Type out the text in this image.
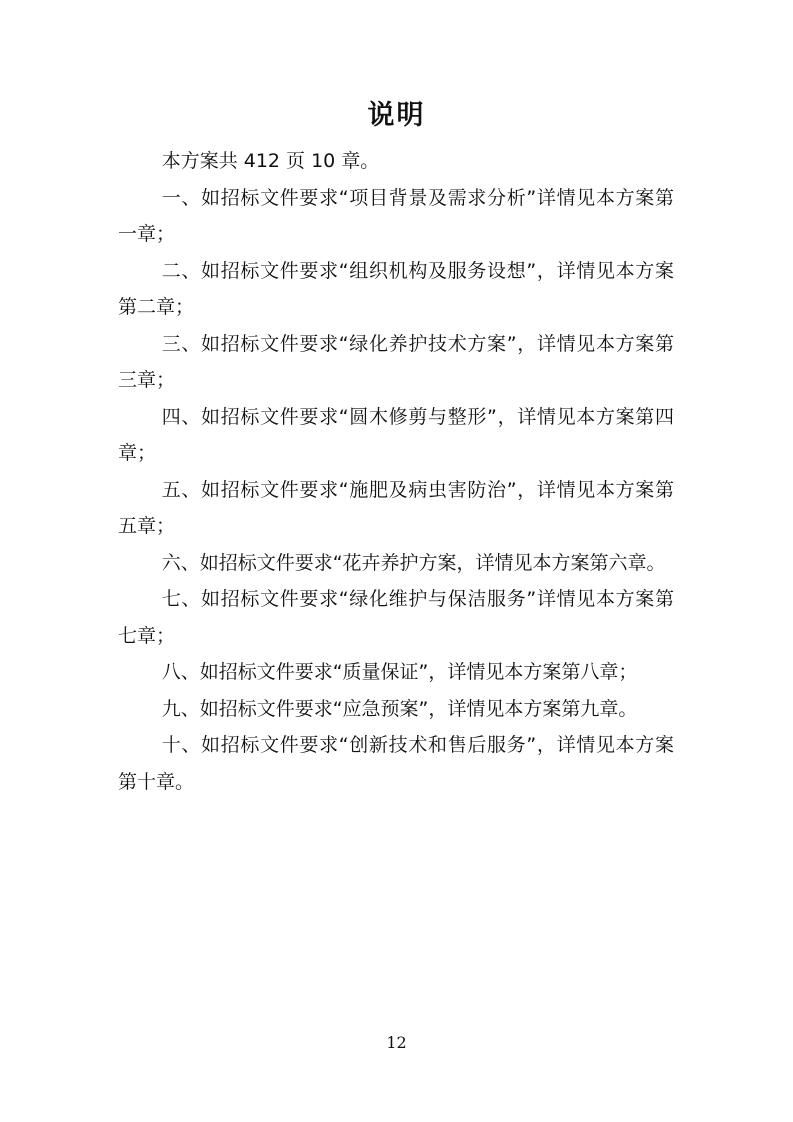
说明

本方案共 412 页 10 章。

一、如招标文件要求“项目背景及需求分析”详情见本方案第一章；

二、如招标文件要求“组织机构及服务设想”，详情见本方案第二章；

三、如招标文件要求“绿化养护技术方案”，详情见本方案第三章；

四、如招标文件要求“圆木修剪与整形”，详情见本方案第四章；

五、如招标文件要求“施肥及病虫害防治”，详情见本方案第五章；

六、如招标文件要求“花卉养护方案，详情见本方案第六章。

七、如招标文件要求“绿化维护与保洁服务”详情见本方案第七章；

八、如招标文件要求“质量保证”，详情见本方案第八章；

九、如招标文件要求“应急预案”，详情见本方案第九章。

十、如招标文件要求“创新技术和售后服务”，详情见本方案第十章。

12
